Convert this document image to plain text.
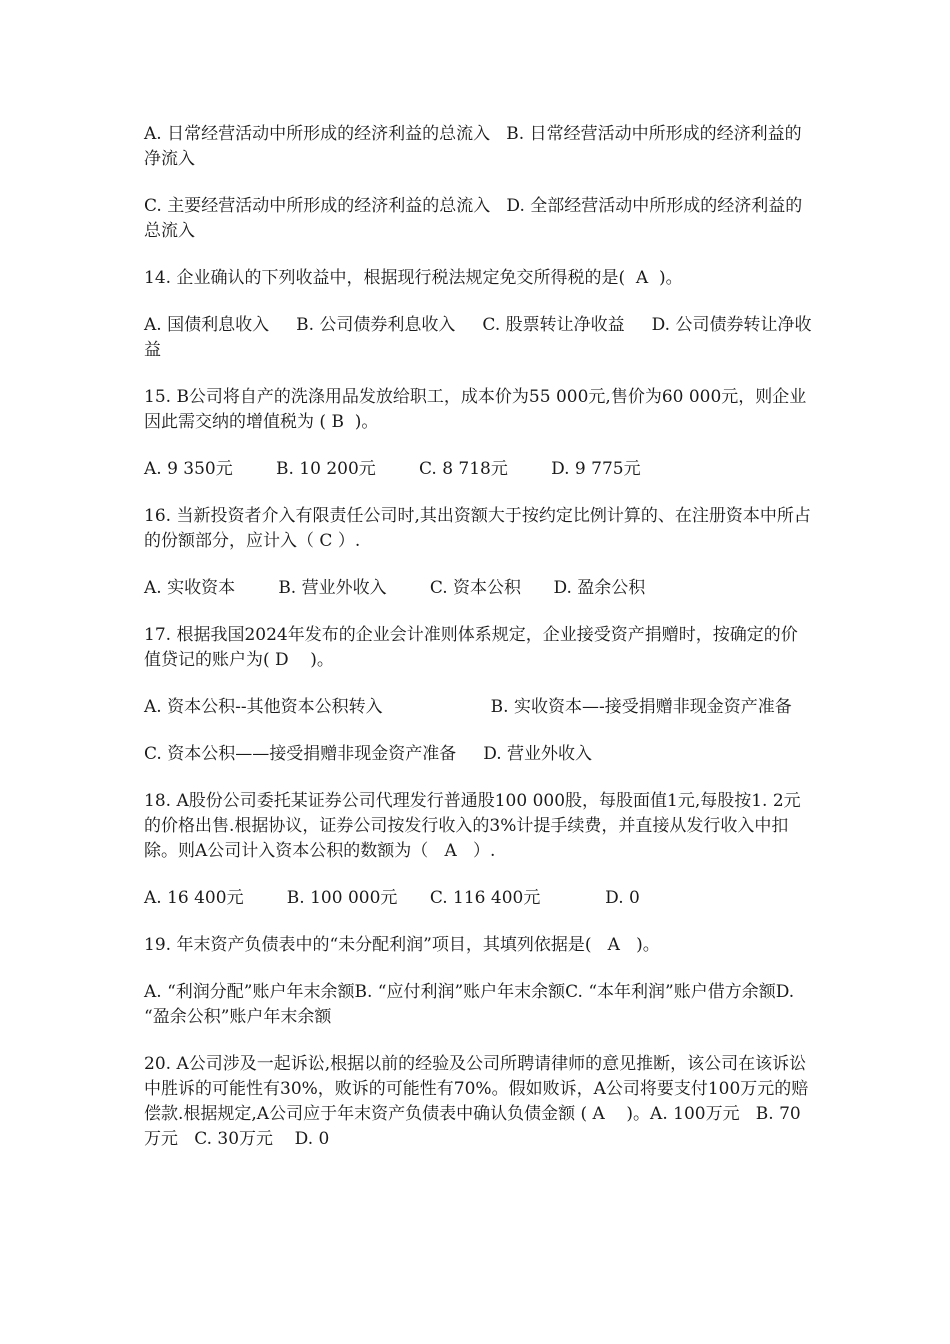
A. 日常经营活动中所形成的经济利益的总流入   B. 日常经营活动中所形成的经济利益的净流入

C. 主要经营活动中所形成的经济利益的总流入   D. 全部经营活动中所形成的经济利益的总流入

14. 企业确认的下列收益中，根据现行税法规定免交所得税的是(  A  )。

A. 国债利息收入     B. 公司债券利息收入     C. 股票转让净收益     D. 公司债券转让净收益

15. B公司将自产的洗涤用品发放给职工，成本价为55 000元,售价为60 000元，则企业因此需交纳的增值税为 ( B  )。

A. 9 350元        B. 10 200元        C. 8 718元        D. 9 775元

16. 当新投资者介入有限责任公司时,其出资额大于按约定比例计算的、在注册资本中所占的份额部分，应计入（ C ）.

A. 实收资本        B. 营业外收入        C. 资本公积      D. 盈余公积

17. 根据我国2024年发布的企业会计准则体系规定，企业接受资产捐赠时，按确定的价值贷记的账户为( D    )。

A. 资本公积--其他资本公积转入                    B. 实收资本—-接受捐赠非现金资产准备

C. 资本公积——接受捐赠非现金资产准备     D. 营业外收入

18. A股份公司委托某证券公司代理发行普通股100 000股，每股面值1元,每股按1. 2元的价格出售.根据协议，证券公司按发行收入的3%计提手续费，并直接从发行收入中扣除。则A公司计入资本公积的数额为（   A   ）.

A. 16 400元        B. 100 000元      C. 116 400元            D. 0

19. 年末资产负债表中的“未分配利润”项目，其填列依据是(   A   )。

A. “利润分配”账户年末余额B. “应付利润”账户年末余额C. “本年利润”账户借方余额D. “盈余公积”账户年末余额

20. A公司涉及一起诉讼,根据以前的经验及公司所聘请律师的意见推断，该公司在该诉讼中胜诉的可能性有30%，败诉的可能性有70%。假如败诉，A公司将要支付100万元的赔偿款.根据规定,A公司应于年末资产负债表中确认负债金额 ( A    )。A. 100万元   B. 70万元   C. 30万元    D. 0
